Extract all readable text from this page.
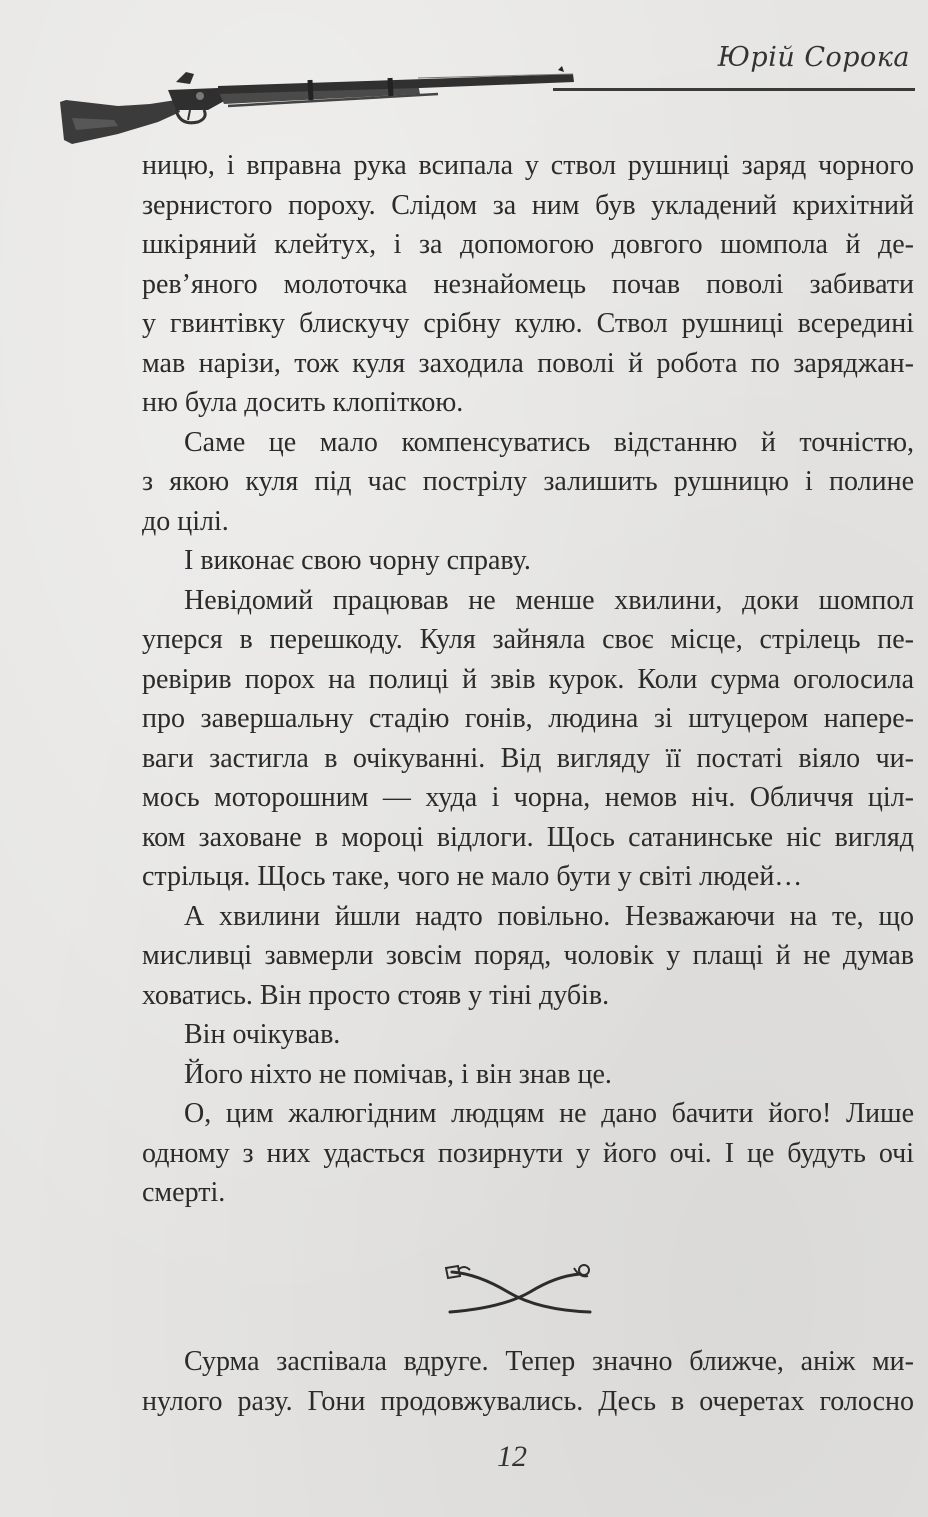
Юрій Сорока
ницю, і вправна рука всипала у ствол рушниці заряд чорного
зернистого пороху. Слідом за ним був укладений крихітний
шкіряний клейтух, і за допомогою довгого шомпола й де-
рев’яного молоточка незнайомець почав поволі забивати
у гвинтівку блискучу срібну кулю. Ствол рушниці всередині
мав нарізи, тож куля заходила поволі й робота по заряджан-
ню була досить клопіткою.
Саме це мало компенсуватись відстанню й точністю,
з якою куля під час пострілу залишить рушницю і полине
до цілі.
І виконає свою чорну справу.
Невідомий працював не менше хвилини, доки шомпол
уперся в перешкоду. Куля зайняла своє місце, стрілець пе-
ревірив порох на полиці й звів курок. Коли сурма оголосила
про завершальну стадію гонів, людина зі штуцером напере-
ваги застигла в очікуванні. Від вигляду її постаті віяло чи-
мось моторошним — худа і чорна, немов ніч. Обличчя ціл-
ком заховане в мороці відлоги. Щось сатанинське ніс вигляд
стрільця. Щось таке, чого не мало бути у світі людей…
А хвилини йшли надто повільно. Незважаючи на те, що
мисливці завмерли зовсім поряд, чоловік у плащі й не думав
ховатись. Він просто стояв у тіні дубів.
Він очікував.
Його ніхто не помічав, і він знав це.
О, цим жалюгідним людцям не дано бачити його! Лише
одному з них удасться позирнути у його очі. І це будуть очі
смерті.
Сурма заспівала вдруге. Тепер значно ближче, аніж ми-
нулого разу. Гони продовжувались. Десь в очеретах голосно
12
